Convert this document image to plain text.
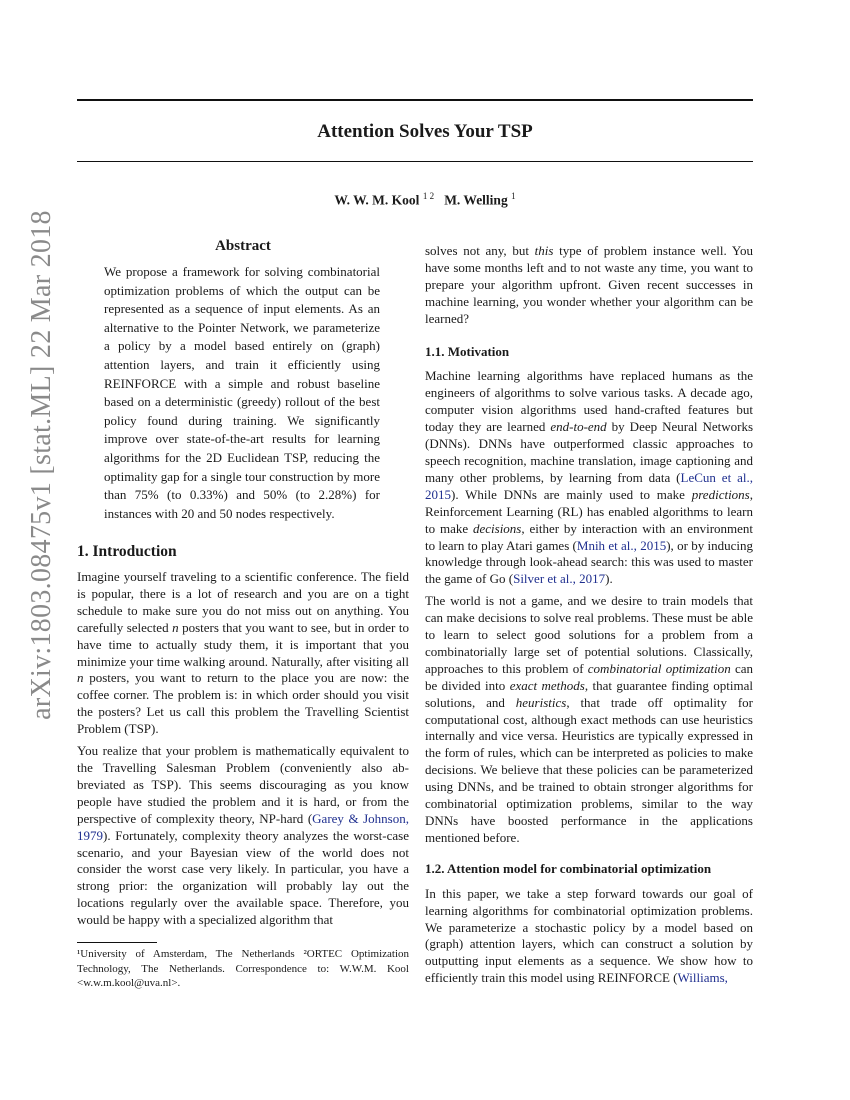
arXiv:1803.08475v1 [stat.ML] 22 Mar 2018
Attention Solves Your TSP
W. W. M. Kool $^{1 2}$ M. Welling $^1$
Abstract

We propose a framework for solving combinatorial optimization problems of which the output can be represented as a sequence of input elements. As an alternative to the Pointer Network, we parameterize a policy by a model based entirely on (graph) attention layers, and train it efficiently using REINFORCE with a simple and robust baseline based on a deterministic (greedy) rollout of the best policy found during training. We significantly improve over state-of-the-art results for learning algorithms for the 2D Euclidean TSP, reducing the optimality gap for a single tour construction by more than 75% (to 0.33%) and 50% (to 2.28%) for instances with 20 and 50 nodes respectively.

1. Introduction

Imagine yourself traveling to a scientific conference. The field is popular, there is a lot of research and you are on a tight schedule to make sure you do not miss out on anything. You carefully selected n posters that you want to see, but in order to have time to actually study them, it is important that you minimize your time walking around. Naturally, after visiting all n posters, you want to return to the place you are now: the coffee corner. The problem is: in which order should you visit the posters? Let us call this problem the Travelling Scientist Problem (TSP).

You realize that your problem is mathematically equivalent to the Travelling Salesman Problem (conveniently also abbreviated as TSP). This seems discouraging as you know people have studied the problem and it is hard, or from the perspective of complexity theory, NP-hard (Garey & Johnson, 1979). Fortunately, complexity theory analyzes the worst-case scenario, and your Bayesian view of the world does not consider the worst case very likely. In particular, you have a strong prior: the organization will probably lay out the locations regularly over the available space. Therefore, you would be happy with a specialized algorithm that

¹University of Amsterdam, The Netherlands ²ORTEC Optimization Technology, The Netherlands. Correspondence to: W.W.M. Kool <w.w.m.kool@uva.nl>.

solves not any, but this type of problem instance well. You have some months left and to not waste any time, you want to prepare your algorithm upfront. Given recent successes in machine learning, you wonder whether your algorithm can be learned?

1.1. Motivation

Machine learning algorithms have replaced humans as the engineers of algorithms to solve various tasks. A decade ago, computer vision algorithms used hand-crafted features but today they are learned end-to-end by Deep Neural Networks (DNNs). DNNs have outperformed classic approaches to speech recognition, machine translation, image captioning and many other problems, by learning from data (LeCun et al., 2015). While DNNs are mainly used to make predictions, Reinforcement Learning (RL) has enabled algorithms to learn to make decisions, either by interaction with an environment to learn to play Atari games (Mnih et al., 2015), or by inducing knowledge through look-ahead search: this was used to master the game of Go (Silver et al., 2017).

The world is not a game, and we desire to train models that can make decisions to solve real problems. These must be able to learn to select good solutions for a problem from a combinatorially large set of potential solutions. Classically, approaches to this problem of combinatorial optimization can be divided into exact methods, that guarantee finding optimal solutions, and heuristics, that trade off optimality for computational cost, although exact methods can use heuristics internally and vice versa. Heuristics are typically expressed in the form of rules, which can be interpreted as policies to make decisions. We believe that these policies can be parameterized using DNNs, and be trained to obtain stronger algorithms for combinatorial optimization problems, similar to the way DNNs have boosted performance in the applications mentioned before.

1.2. Attention model for combinatorial optimization

In this paper, we take a step forward towards our goal of learning algorithms for combinatorial optimization problems. We parameterize a stochastic policy by a model based on (graph) attention layers, which can construct a solution by outputting input elements as a sequence. We show how to efficiently train this model using REINFORCE (Williams,
